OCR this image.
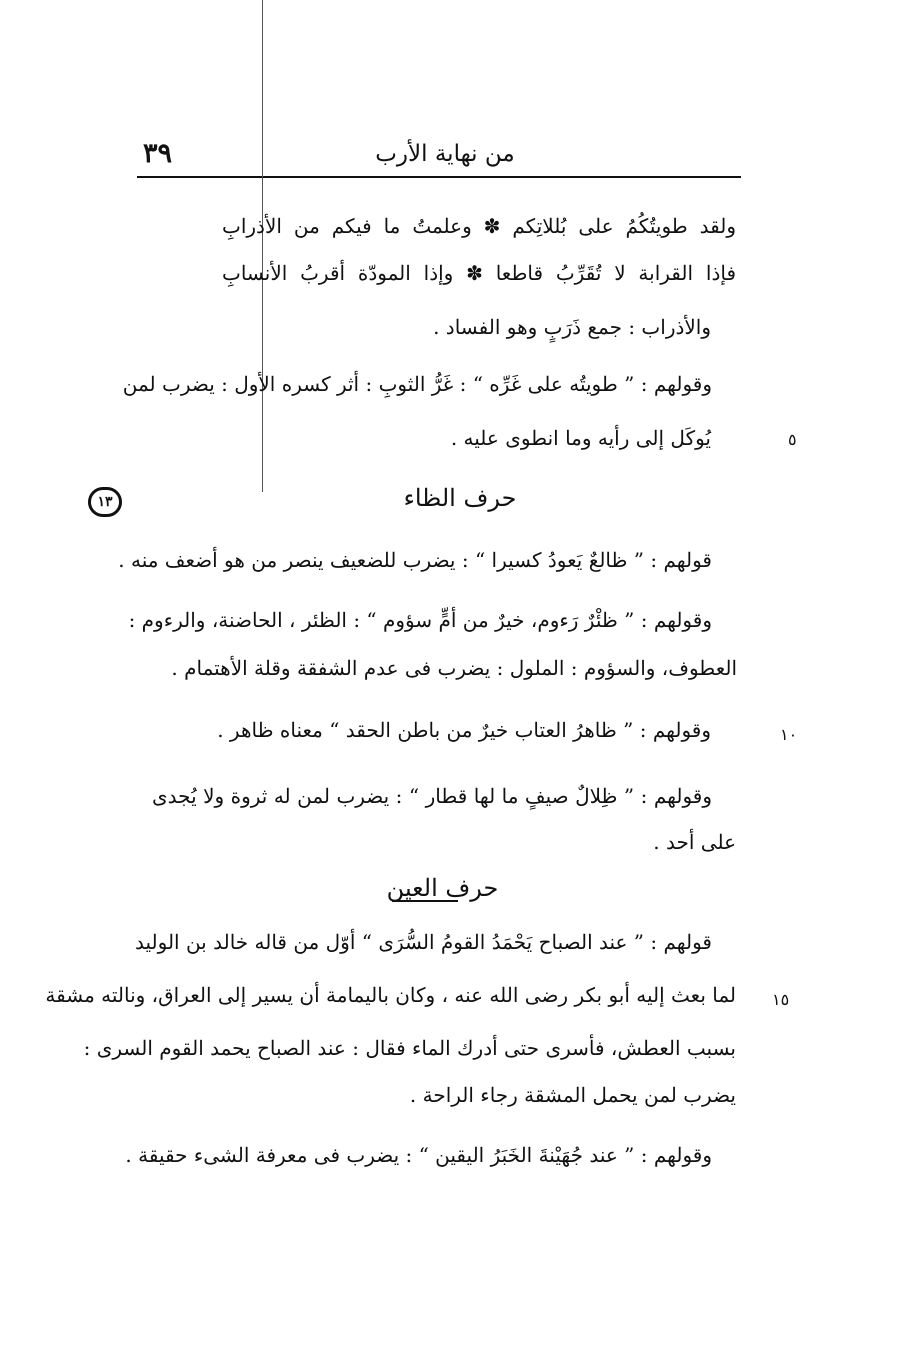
٣٩	من نهاية الأرب
ولقد طويتُكُمُ على بُللاتِكم ✽ وعلمتُ ما فيكم من الأذرابِ
فإذا القرابة لا تُقَرِّبُ قاطعا ✽ وإذا المودّة أقربُ الأنسابِ
والأذراب : جمع ذَرَبٍ وهو الفساد .
وقولهم : ” طويتُه على غَرِّه “ : غَرُّ الثوبِ : أثر كسره الأول : يضرب لمن
يُوكَل إلى رأيه وما انطوى عليه .	٥
حرف الظاء
١٣
قولهم : ” ظالعٌ يَعودُ كسيرا “ : يضرب للضعيف ينصر من هو أضعف منه .
وقولهم : ” ظئْرٌ رَءوم، خيرٌ من أمٍّ سؤوم “ : الظئر ، الحاضنة، والرءوم :
العطوف، والسؤوم : الملول : يضرب فى عدم الشفقة وقلة الأهتمام .
وقولهم : ” ظاهرُ العتاب خيرٌ من باطن الحقد “ معناه ظاهر .	١٠
وقولهم : ” ظِلالٌ صيفٍ ما لها قطار “ : يضرب لمن له ثروة ولا يُجدى
على أحد .
حرف العين
قولهم : ” عند الصباح يَحْمَدُ القومُ السُّرَى “ أوّل من قاله خالد بن الوليد
لما بعث إليه أبو بكر رضى الله عنه ، وكان باليمامة أن يسير إلى العراق، ونالته مشقة ١٥
بسبب العطش، فأسرى حتى أدرك الماء فقال : عند الصباح يحمد القوم السرى :
يضرب لمن يحمل المشقة رجاء الراحة .
وقولهم : ” عند جُهَيْنةَ الخَبَرُ اليقين “ : يضرب فى معرفة الشىء حقيقة .
